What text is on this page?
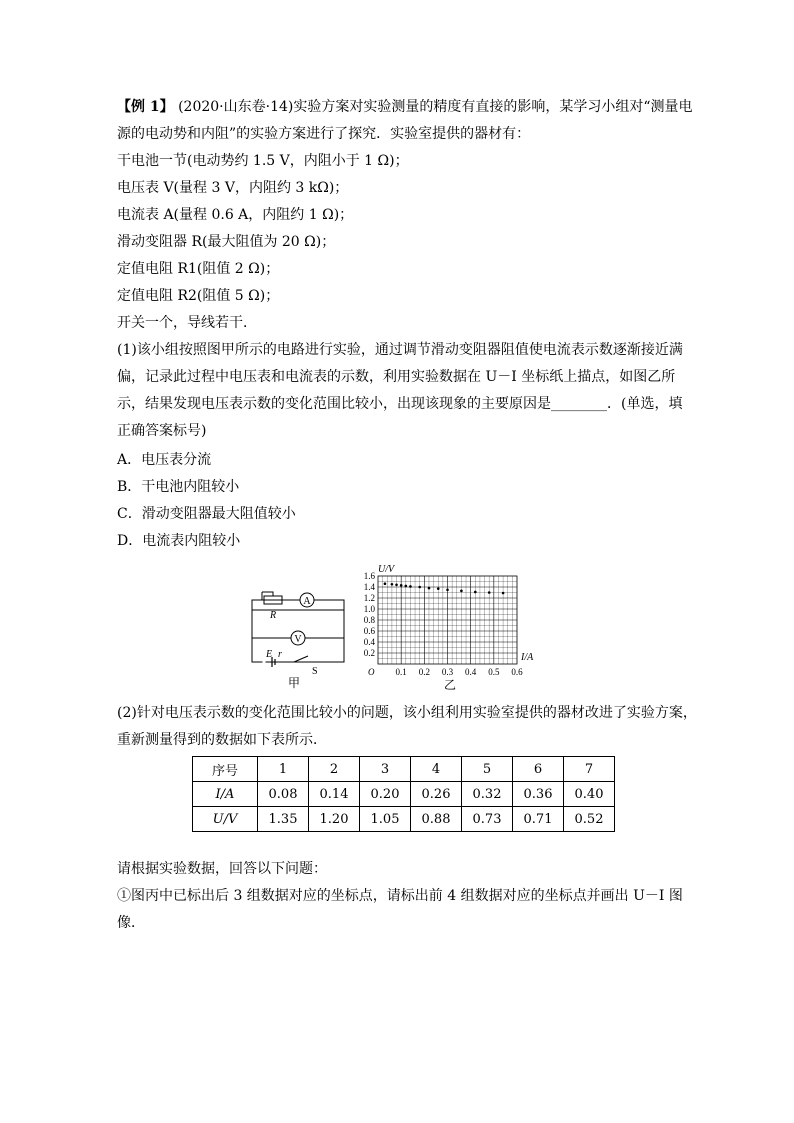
【例 1】 (2020·山东卷·14)实验方案对实验测量的精度有直接的影响，某学习小组对“测量电
源的电动势和内阻”的实验方案进行了探究．实验室提供的器材有：
干电池一节(电动势约 1.5 V，内阻小于 1 Ω)；
电压表 V(量程 3 V，内阻约 3 kΩ)；
电流表 A(量程 0.6 A，内阻约 1 Ω)；
滑动变阻器 R(最大阻值为 20 Ω)；
定值电阻 R1(阻值 2 Ω)；
定值电阻 R2(阻值 5 Ω)；
开关一个，导线若干．
(1)该小组按照图甲所示的电路进行实验，通过调节滑动变阻器阻值使电流表示数逐渐接近满
偏，记录此过程中电压表和电流表的示数，利用实验数据在 U－I 坐标纸上描点，如图乙所
示，结果发现电压表示数的变化范围比较小，出现该现象的主要原因是________．(单选，填
正确答案标号)
A．电压表分流
B．干电池内阻较小
C．滑动变阻器最大阻值较小
D．电流表内阻较小
A
V
R
E r
S
甲
0.2
0.4
0.6
0.8
1.0
1.2
1.4
1.6
0.1 0.2 0.3 0.4 0.5 0.6
U/V
I/A
O
乙
(2)针对电压表示数的变化范围比较小的问题，该小组利用实验室提供的器材改进了实验方案，
重新测量得到的数据如下表所示．
序号	1	2	3	4	5	6	7
I/A	0.08	0.14	0.20	0.26	0.32	0.36	0.40
U/V	1.35	1.20	1.05	0.88	0.73	0.71	0.52
请根据实验数据，回答以下问题：
①图丙中已标出后 3 组数据对应的坐标点，请标出前 4 组数据对应的坐标点并画出 U－I 图
像．
